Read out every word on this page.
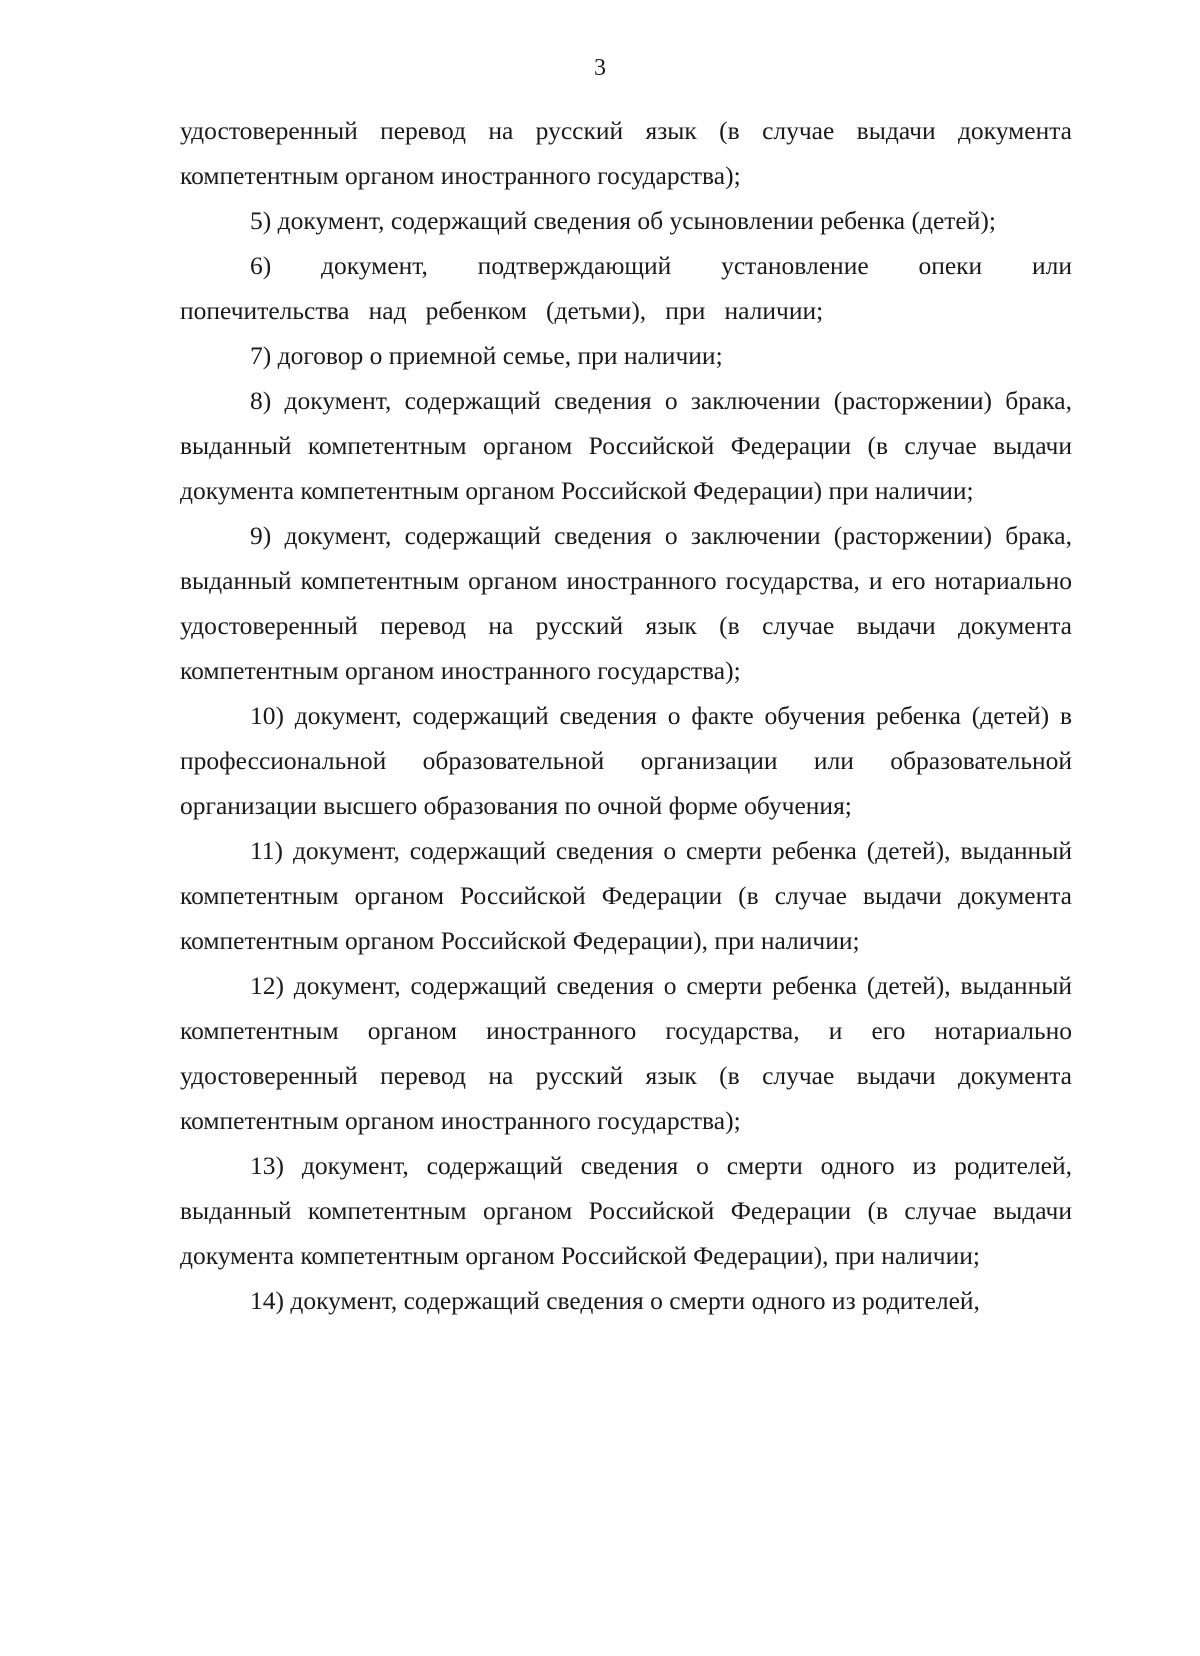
3

удостоверенный перевод на русский язык (в случае выдачи документа компетентным органом иностранного государства);

5) документ, содержащий сведения об усыновлении ребенка (детей);

6) документ, подтверждающий установление опеки или попечительства над ребенком (детьми), при наличии;

7) договор о приемной семье, при наличии;

8) документ, содержащий сведения о заключении (расторжении) брака, выданный компетентным органом Российской Федерации (в случае выдачи документа компетентным органом Российской Федерации) при наличии;

9) документ, содержащий сведения о заключении (расторжении) брака, выданный компетентным органом иностранного государства, и его нотариально удостоверенный перевод на русский язык (в случае выдачи документа компетентным органом иностранного государства);

10) документ, содержащий сведения о факте обучения ребенка (детей) в профессиональной образовательной организации или образовательной организации высшего образования по очной форме обучения;

11) документ, содержащий сведения о смерти ребенка (детей), выданный компетентным органом Российской Федерации (в случае выдачи документа компетентным органом Российской Федерации), при наличии;

12) документ, содержащий сведения о смерти ребенка (детей), выданный компетентным органом иностранного государства, и его нотариально удостоверенный перевод на русский язык (в случае выдачи документа компетентным органом иностранного государства);

13) документ, содержащий сведения о смерти одного из родителей, выданный компетентным органом Российской Федерации (в случае выдачи документа компетентным органом Российской Федерации), при наличии;

14) документ, содержащий сведения о смерти одного из родителей,
